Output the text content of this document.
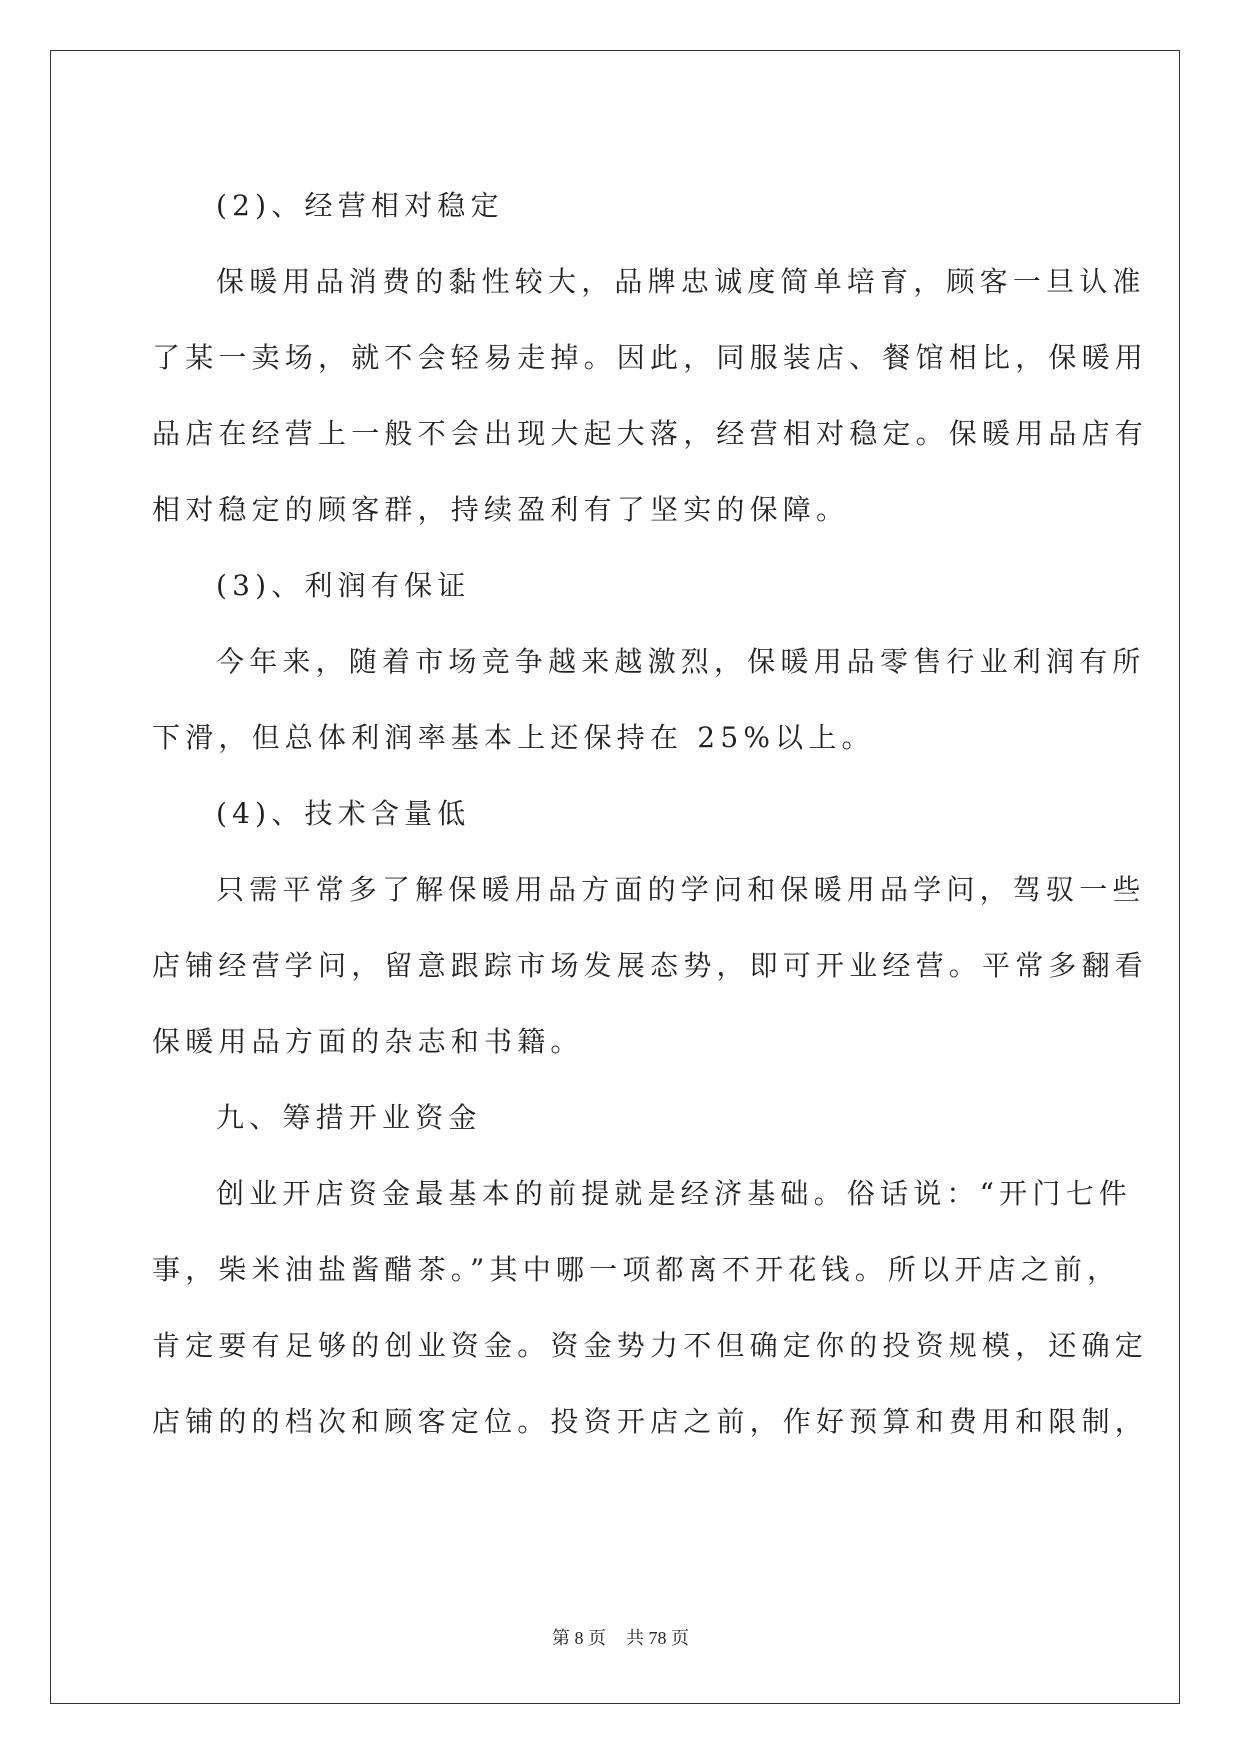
(2)、经营相对稳定

保暖用品消费的黏性较大，品牌忠诚度简单培育，顾客一旦认准

了某一卖场，就不会轻易走掉。因此，同服装店、餐馆相比，保暖用

品店在经营上一般不会出现大起大落，经营相对稳定。保暖用品店有

相对稳定的顾客群，持续盈利有了坚实的保障。

(3)、利润有保证

今年来，随着市场竞争越来越激烈，保暖用品零售行业利润有所

下滑，但总体利润率基本上还保持在 25%以上。

(4)、技术含量低

只需平常多了解保暖用品方面的学问和保暖用品学问，驾驭一些

店铺经营学问，留意跟踪市场发展态势，即可开业经营。平常多翻看

保暖用品方面的杂志和书籍。

九、筹措开业资金

创业开店资金最基本的前提就是经济基础。俗话说：“开门七件

事，柴米油盐酱醋茶。”其中哪一项都离不开花钱。所以开店之前，

肯定要有足够的创业资金。资金势力不但确定你的投资规模，还确定

店铺的的档次和顾客定位。投资开店之前，作好预算和费用和限制，

第 8 页 共 78 页
